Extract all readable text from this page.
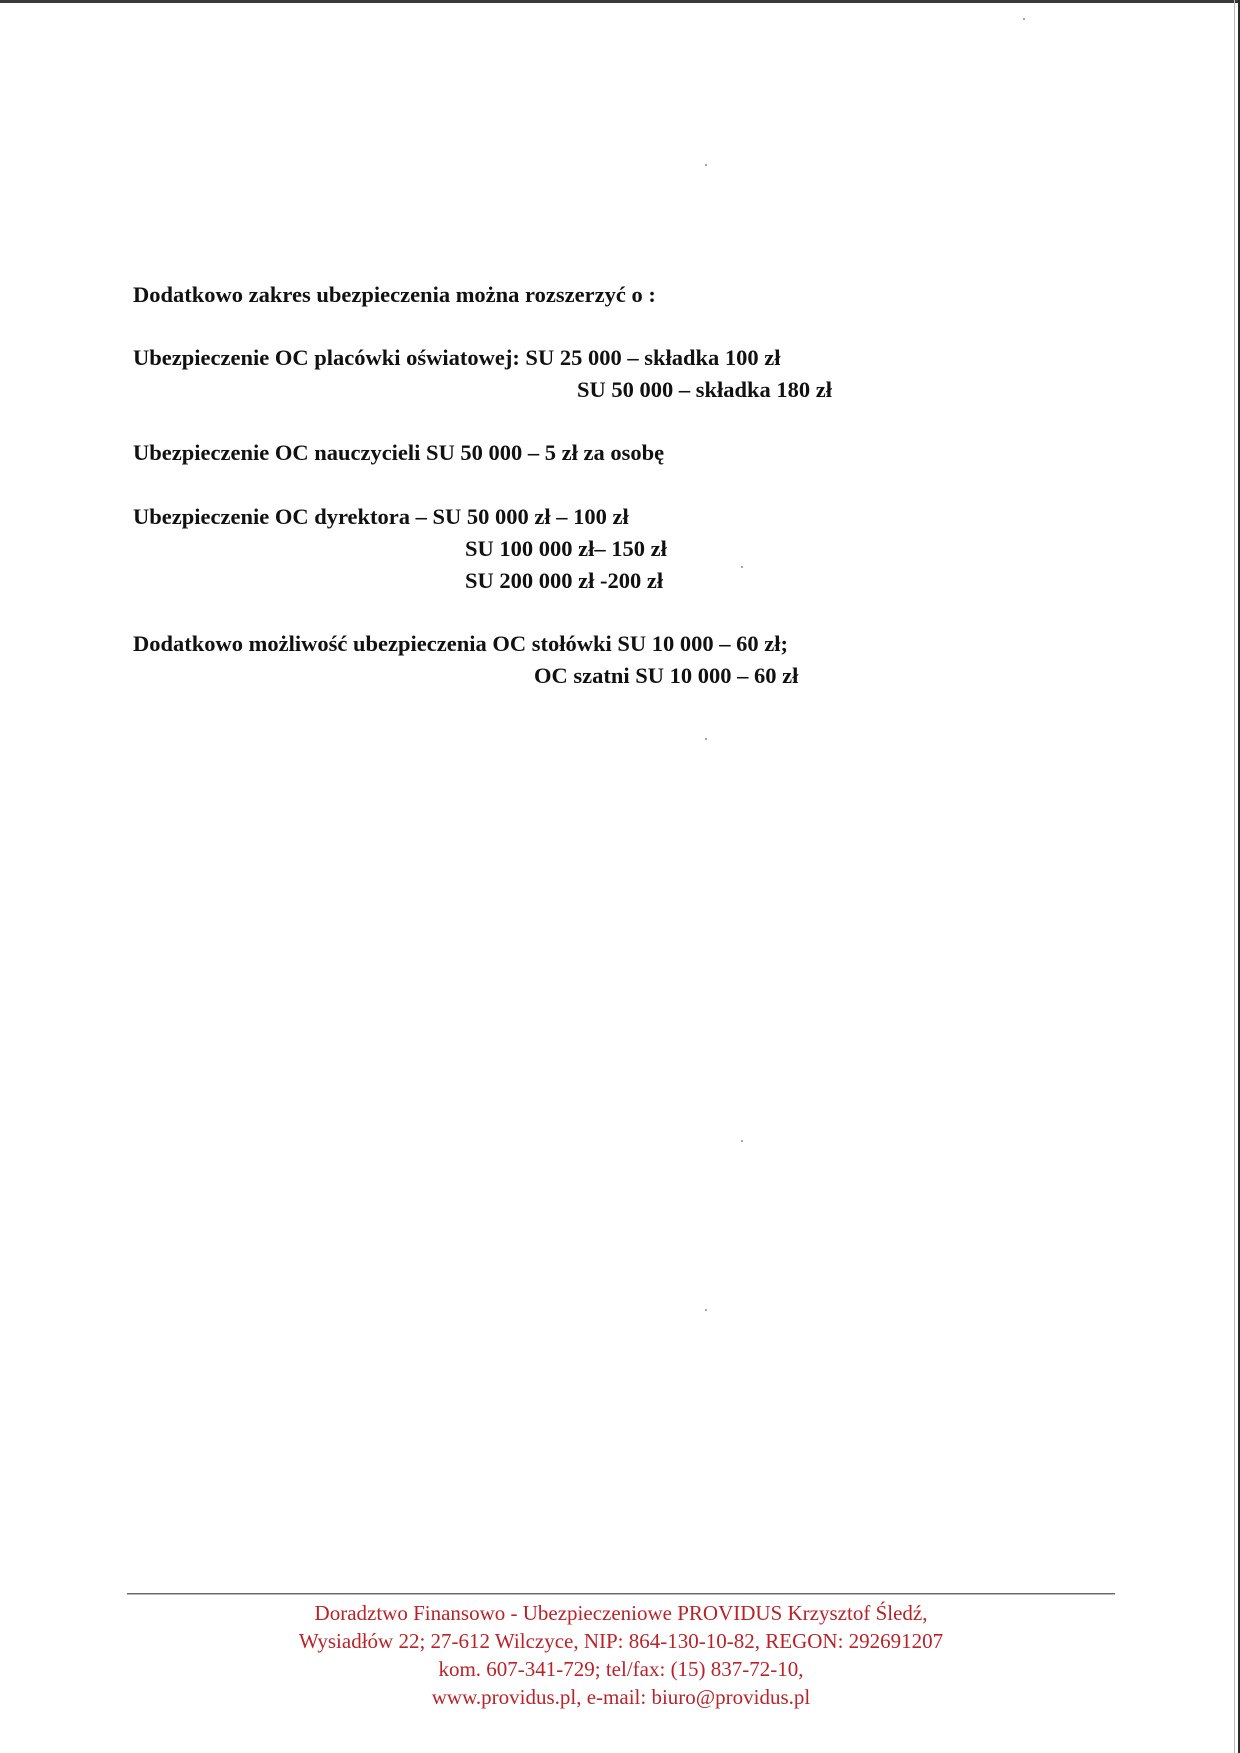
Dodatkowo zakres ubezpieczenia można rozszerzyć o :
Ubezpieczenie OC placówki oświatowej: SU 25 000 – składka 100 zł
SU 50 000 – składka 180 zł
Ubezpieczenie OC nauczycieli SU 50 000 – 5 zł za osobę
Ubezpieczenie OC dyrektora – SU 50 000 zł – 100 zł
SU 100 000 zł– 150 zł
SU 200 000 zł -200 zł
Dodatkowo możliwość ubezpieczenia OC stołówki SU 10 000 – 60 zł;
OC szatni SU 10 000 – 60 zł
Doradztwo Finansowo - Ubezpieczeniowe PROVIDUS Krzysztof Śledź,
Wysiadłów 22; 27-612 Wilczyce, NIP: 864-130-10-82, REGON: 292691207
kom. 607-341-729; tel/fax: (15) 837-72-10,
www.providus.pl, e-mail: biuro@providus.pl
